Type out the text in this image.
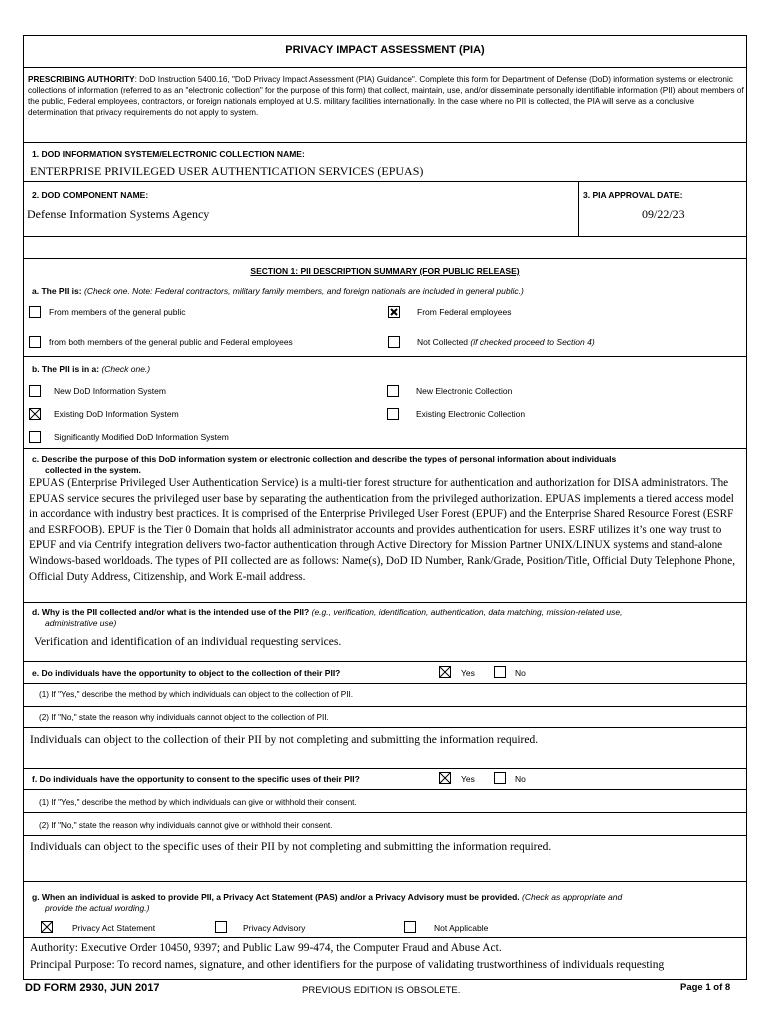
PRIVACY IMPACT ASSESSMENT (PIA)
PRESCRIBING AUTHORITY: DoD Instruction 5400.16, "DoD Privacy Impact Assessment (PIA) Guidance". Complete this form for Department of Defense (DoD) information systems or electronic collections of information (referred to as an "electronic collection" for the purpose of this form) that collect, maintain, use, and/or disseminate personally identifiable information (PII) about members of the public, Federal employees, contractors, or foreign nationals employed at U.S. military facilities internationally. In the case where no PII is collected, the PIA will serve as a conclusive determination that privacy requirements do not apply to system.
1. DOD INFORMATION SYSTEM/ELECTRONIC COLLECTION NAME:
ENTERPRISE PRIVILEGED USER AUTHENTICATION SERVICES (EPUAS)
2. DOD COMPONENT NAME:
Defense Information Systems Agency
3. PIA APPROVAL DATE:
09/22/23
SECTION 1: PII DESCRIPTION SUMMARY (FOR PUBLIC RELEASE)
a. The PII is: (Check one. Note: Federal contractors, military family members, and foreign nationals are included in general public.)
From members of the general public	From Federal employees
from both members of the general public and Federal employees	Not Collected (if checked proceed to Section 4)
b. The PII is in a: (Check one.)
New DoD Information System	New Electronic Collection
Existing DoD Information System	Existing Electronic Collection
Significantly Modified DoD Information System
c. Describe the purpose of this DoD information system or electronic collection and describe the types of personal information about individuals
collected in the system.
EPUAS (Enterprise Privileged User Authentication Service) is a multi-tier forest structure for authentication and authorization for DISA administrators. The EPUAS service secures the privileged user base by separating the authentication from the privileged authorization. EPUAS implements a tiered access model in accordance with industry best practices. It is comprised of the Enterprise Privileged User Forest (EPUF) and the Enterprise Shared Resource Forest (ESRF and ESRFOOB). EPUF is the Tier 0 Domain that holds all administrator accounts and provides authentication for users. ESRF utilizes it’s one way trust to EPUF and via Centrify integration delivers two-factor authentication through Active Directory for Mission Partner UNIX/LINUX systems and stand-alone Windows-based worldoads. The types of PII collected are as follows: Name(s), DoD ID Number, Rank/Grade, Position/Title, Official Duty Telephone Phone, Official Duty Address, Citizenship, and Work E-mail address.
d. Why is the PII collected and/or what is the intended use of the PII? (e.g., verification, identification, authentication, data matching, mission-related use,
administrative use)
Verification and identification of an individual requesting services.
e. Do individuals have the opportunity to object to the collection of their PII?	Yes	No
(1) If "Yes," describe the method by which individuals can object to the collection of PII.
(2) If "No," state the reason why individuals cannot object to the collection of PII.
Individuals can object to the collection of their PII by not completing and submitting the information required.
f. Do individuals have the opportunity to consent to the specific uses of their PII?	Yes	No
(1) If "Yes," describe the method by which individuals can give or withhold their consent.
(2) If "No," state the reason why individuals cannot give or withhold their consent.
Individuals can object to the specific uses of their PII by not completing and submitting the information required.
g. When an individual is asked to provide PII, a Privacy Act Statement (PAS) and/or a Privacy Advisory must be provided. (Check as appropriate and
provide the actual wording.)
Privacy Act Statement	Privacy Advisory	Not Applicable
Authority: Executive Order 10450, 9397; and Public Law 99-474, the Computer Fraud and Abuse Act.
Principal Purpose: To record names, signature, and other identifiers for the purpose of validating trustworthiness of individuals requesting
DD FORM 2930, JUN 2017	PREVIOUS EDITION IS OBSOLETE.	Page 1 of 8
